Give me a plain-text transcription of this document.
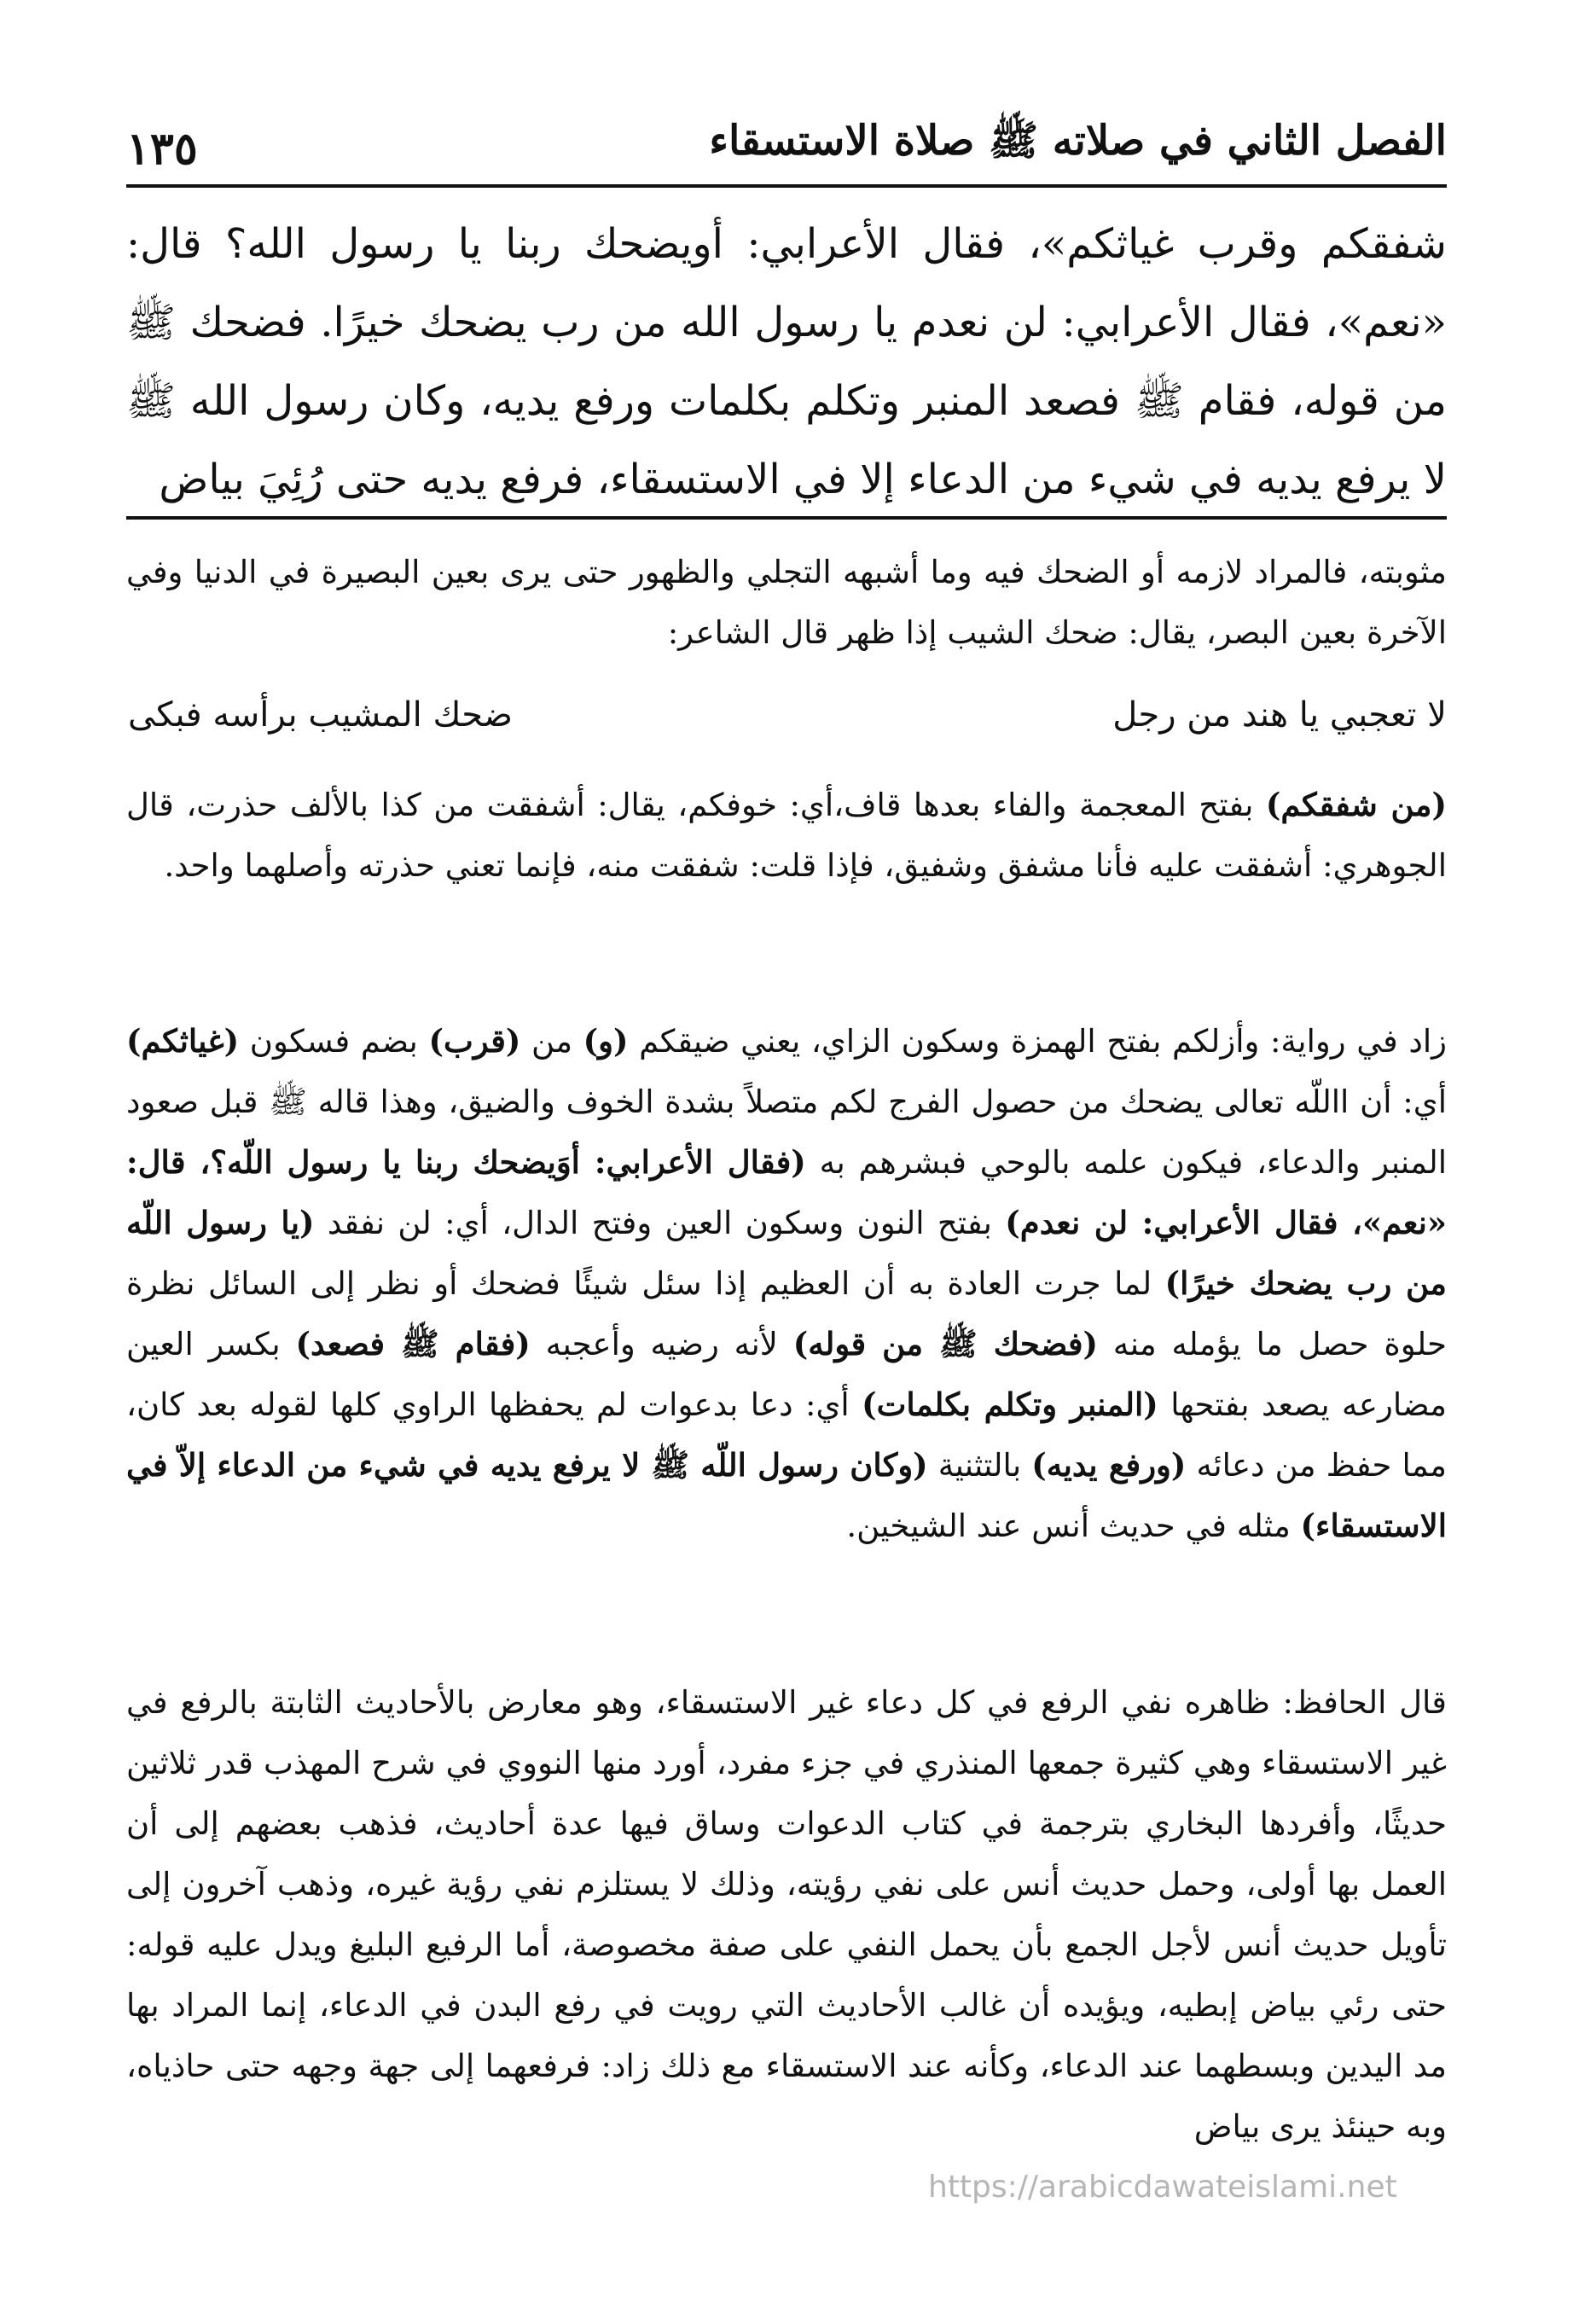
١٣٥	الفصل الثاني في صلاته ﷺ صلاة الاستسقاء
شفقكم وقرب غياثكم»، فقال الأعرابي: أويضحك ربنا يا رسول الله؟ قال: «نعم»، فقال الأعرابي: لن نعدم يا رسول الله من رب يضحك خيرًا. فضحك ﷺ من قوله، فقام ﷺ فصعد المنبر وتكلم بكلمات ورفع يديه، وكان رسول الله ﷺ لا يرفع يديه في شيء من الدعاء إلا في الاستسقاء، فرفع يديه حتى رُئِيَ بياض
مثوبته، فالمراد لازمه أو الضحك فيه وما أشبهه التجلي والظهور حتى يرى بعين البصيرة في الدنيا وفي الآخرة بعين البصر، يقال: ضحك الشيب إذا ظهر قال الشاعر:
لا تعجبي يا هند من رجل
ضحك المشيب برأسه فبكى
(من شفقكم) بفتح المعجمة والفاء بعدها قاف،أي: خوفكم، يقال: أشفقت من كذا بالألف حذرت، قال الجوهري: أشفقت عليه فأنا مشفق وشفيق، فإذا قلت: شفقت منه، فإنما تعني حذرته وأصلهما واحد.
زاد في رواية: وأزلكم بفتح الهمزة وسكون الزاي، يعني ضيقكم (و) من (قرب) بضم فسكون (غياثكم) أي: أن االلّه تعالى يضحك من حصول الفرج لكم متصلاً بشدة الخوف والضيق، وهذا قاله ﷺ قبل صعود المنبر والدعاء، فيكون علمه بالوحي فبشرهم به (فقال الأعرابي: أوَيضحك ربنا يا رسول اللّه؟، قال: «نعم»، فقال الأعرابي: لن نعدم) بفتح النون وسكون العين وفتح الدال، أي: لن نفقد (يا رسول اللّه من رب يضحك خيرًا) لما جرت العادة به أن العظيم إذا سئل شيئًا فضحك أو نظر إلى السائل نظرة حلوة حصل ما يؤمله منه (فضحك ﷺ من قوله) لأنه رضيه وأعجبه (فقام ﷺ فصعد) بكسر العين مضارعه يصعد بفتحها (المنبر وتكلم بكلمات) أي: دعا بدعوات لم يحفظها الراوي كلها لقوله بعد كان، مما حفظ من دعائه (ورفع يديه) بالتثنية (وكان رسول اللّه ﷺ لا يرفع يديه في شيء من الدعاء إلاّ في الاستسقاء) مثله في حديث أنس عند الشيخين.
قال الحافظ: ظاهره نفي الرفع في كل دعاء غير الاستسقاء، وهو معارض بالأحاديث الثابتة بالرفع في غير الاستسقاء وهي كثيرة جمعها المنذري في جزء مفرد، أورد منها النووي في شرح المهذب قدر ثلاثين حديثًا، وأفردها البخاري بترجمة في كتاب الدعوات وساق فيها عدة أحاديث، فذهب بعضهم إلى أن العمل بها أولى، وحمل حديث أنس على نفي رؤيته، وذلك لا يستلزم نفي رؤية غيره، وذهب آخرون إلى تأويل حديث أنس لأجل الجمع بأن يحمل النفي على صفة مخصوصة، أما الرفيع البليغ ويدل عليه قوله: حتى رئي بياض إبطيه، ويؤيده أن غالب الأحاديث التي رويت في رفع البدن في الدعاء، إنما المراد بها مد اليدين وبسطهما عند الدعاء، وكأنه عند الاستسقاء مع ذلك زاد: فرفعهما إلى جهة وجهه حتى حاذياه، وبه حينئذ يرى بياض
https://arabicdawateislami.net
